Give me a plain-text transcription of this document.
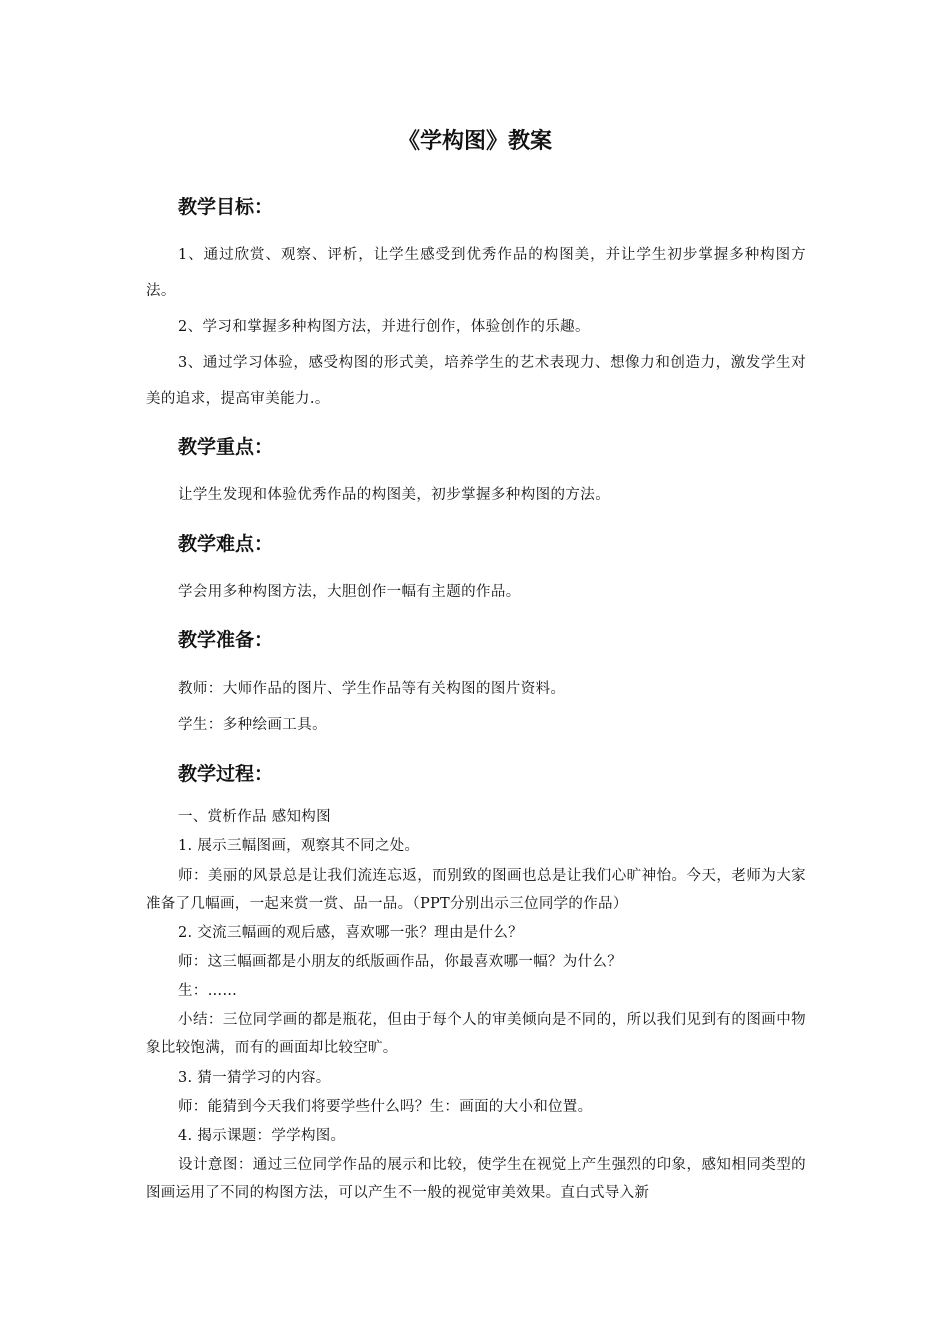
《学构图》教案
教学目标：

1、通过欣赏、观察、评析，让学生感受到优秀作品的构图美，并让学生初步掌握多种构图方法。

2、学习和掌握多种构图方法，并进行创作，体验创作的乐趣。

3、通过学习体验，感受构图的形式美，培养学生的艺术表现力、想像力和创造力，激发学生对美的追求，提高审美能力.。

教学重点：

让学生发现和体验优秀作品的构图美，初步掌握多种构图的方法。

教学难点：

学会用多种构图方法，大胆创作一幅有主题的作品。

教学准备：

教师：大师作品的图片、学生作品等有关构图的图片资料。

学生：多种绘画工具。

教学过程：

一、赏析作品 感知构图

1. 展示三幅图画，观察其不同之处。

师：美丽的风景总是让我们流连忘返，而别致的图画也总是让我们心旷神怡。今天，老师为大家准备了几幅画，一起来赏一赏、品一品。（PPT分别出示三位同学的作品）

2. 交流三幅画的观后感，喜欢哪一张？理由是什么？

师：这三幅画都是小朋友的纸版画作品，你最喜欢哪一幅？为什么？

生：……

小结：三位同学画的都是瓶花，但由于每个人的审美倾向是不同的，所以我们见到有的图画中物象比较饱满，而有的画面却比较空旷。

3. 猜一猜学习的内容。

师：能猜到今天我们将要学些什么吗？生：画面的大小和位置。

4. 揭示课题：学学构图。

设计意图：通过三位同学作品的展示和比较，使学生在视觉上产生强烈的印象，感知相同类型的图画运用了不同的构图方法，可以产生不一般的视觉审美效果。直白式导入新
